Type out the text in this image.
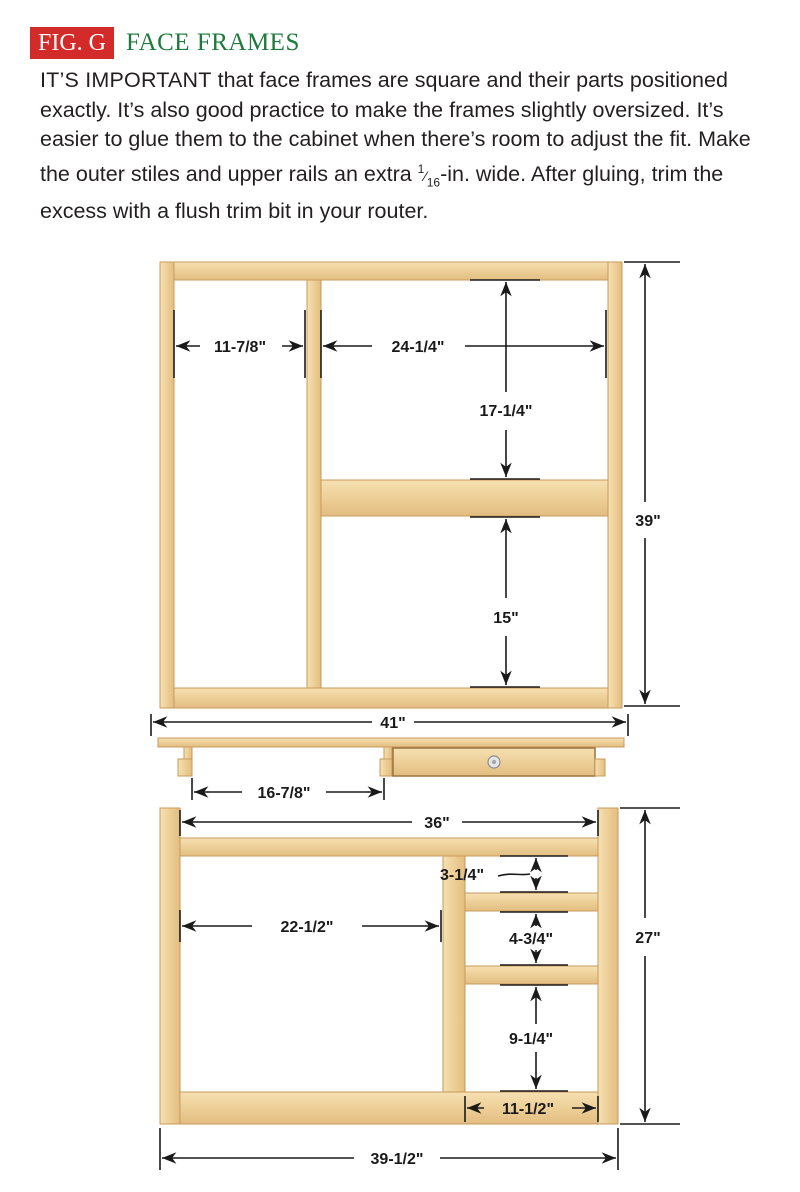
FIG. G FACE FRAMES

IT’S IMPORTANT that face frames are square and their parts positioned exactly. It’s also good practice to make the frames slightly oversized. It’s easier to glue them to the cabinet when there’s room to adjust the fit. Make the outer stiles and upper rails an extra $^1⁄_{16}-in$. wide. After gluing, trim the excess with a flush trim bit in your router.

11-7/8"	24-1/4"
17-1/4"
15"
39"
41"
16-7/8"
36"
3-1/4"
22-1/2"
4-3/4"
9-1/4"
11-1/2"
27"
39-1/2"
